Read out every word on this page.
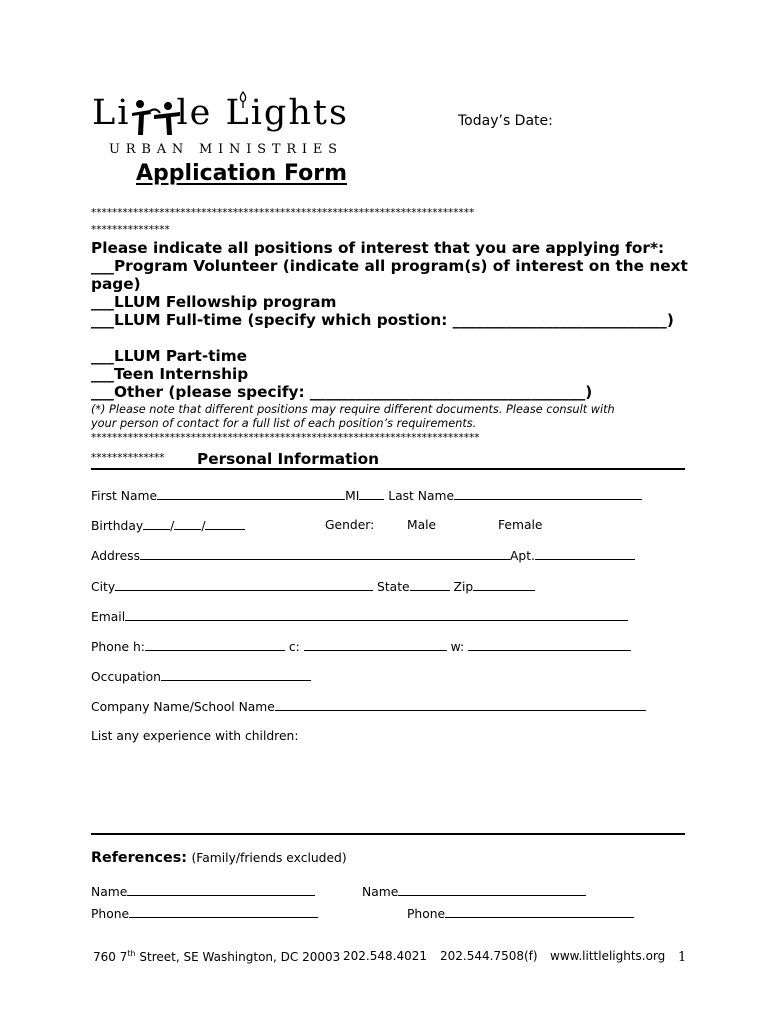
Li le Lights
URBAN MINISTRIES
Today’s Date:
Application Form
*************************************************************************
***************
Please indicate all positions of interest that you are applying for*:
___Program Volunteer (indicate all program(s) of interest on the next
page)
___LLUM Fellowship program
___LLUM Full-time (specify which postion: ____________________________)
___LLUM Part-time
___Teen Internship
___Other (please specify: ____________________________________)
(*) Please note that different positions may require different documents. Please consult with
your person of contact for a full list of each position’s requirements.
**************************************************************************
************** Personal Information
First Name	MI Last Name
Birthday / /	Gender:	Male	Female
Address	Apt.
City	State	Zip
Email
Phone h:	c:	w:
Occupation
Company Name/School Name
List any experience with children:
References: (Family/friends excluded)
Name	Name
Phone	Phone
760 7th Street, SE Washington, DC 20003 202.548.4021 202.544.7508(f) www.littlelights.org 1
